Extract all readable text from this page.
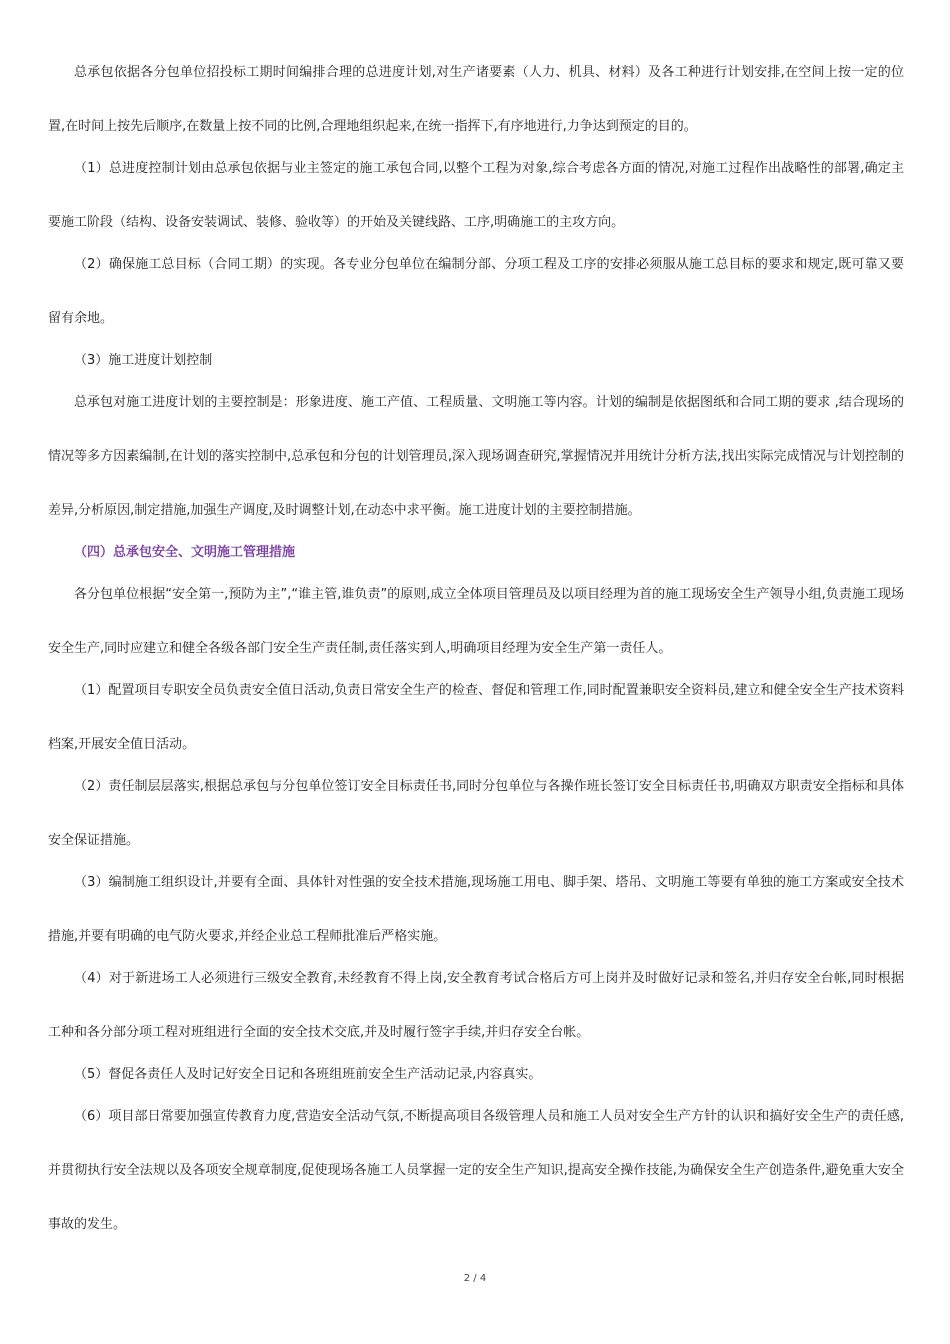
总承包依据各分包单位招投标工期时间编排合理的总进度计划,对生产诸要素（人力、机具、材料）及各工种进行计划安排,在空间上按一定的位置,在时间上按先后顺序,在数量上按不同的比例,合理地组织起来,在统一指挥下,有序地进行,力争达到预定的目的。

（1）总进度控制计划由总承包依据与业主签定的施工承包合同,以整个工程为对象,综合考虑各方面的情况,对施工过程作出战略性的部署,确定主要施工阶段（结构、设备安装调试、装修、验收等）的开始及关键线路、工序,明确施工的主攻方向。

（2）确保施工总目标（合同工期）的实现。各专业分包单位在编制分部、分项工程及工序的安排必须服从施工总目标的要求和规定,既可靠又要留有余地。

（3）施工进度计划控制

总承包对施工进度计划的主要控制是：形象进度、施工产值、工程质量、文明施工等内容。计划的编制是依据图纸和合同工期的要求 ,结合现场的情况等多方因素编制,在计划的落实控制中,总承包和分包的计划管理员,深入现场调查研究,掌握情况并用统计分析方法,找出实际完成情况与计划控制的差异,分析原因,制定措施,加强生产调度,及时调整计划,在动态中求平衡。施工进度计划的主要控制措施。

（四）总承包安全、文明施工管理措施

各分包单位根据“安全第一,预防为主”,“谁主管,谁负责”的原则,成立全体项目管理员及以项目经理为首的施工现场安全生产领导小组,负责施工现场安全生产,同时应建立和健全各级各部门安全生产责任制,责任落实到人,明确项目经理为安全生产第一责任人。

（1）配置项目专职安全员负责安全值日活动,负责日常安全生产的检查、督促和管理工作,同时配置兼职安全资料员,建立和健全安全生产技术资料档案,开展安全值日活动。

（2）责任制层层落实,根据总承包与分包单位签订安全目标责任书,同时分包单位与各操作班长签订安全目标责任书,明确双方职责安全指标和具体安全保证措施。

（3）编制施工组织设计,并要有全面、具体针对性强的安全技术措施,现场施工用电、脚手架、塔吊、文明施工等要有单独的施工方案或安全技术措施,并要有明确的电气防火要求,并经企业总工程师批准后严格实施。

（4）对于新进场工人必须进行三级安全教育,未经教育不得上岗,安全教育考试合格后方可上岗并及时做好记录和签名,并归存安全台帐,同时根据工种和各分部分项工程对班组进行全面的安全技术交底,并及时履行签字手续,并归存安全台帐。

（5）督促各责任人及时记好安全日记和各班组班前安全生产活动记录,内容真实。

（6）项目部日常要加强宣传教育力度,营造安全活动气氛,不断提高项目各级管理人员和施工人员对安全生产方针的认识和搞好安全生产的责任感,并贯彻执行安全法规以及各项安全规章制度,促使现场各施工人员掌握一定的安全生产知识,提高安全操作技能,为确保安全生产创造条件,避免重大安全事故的发生。

2 / 4
